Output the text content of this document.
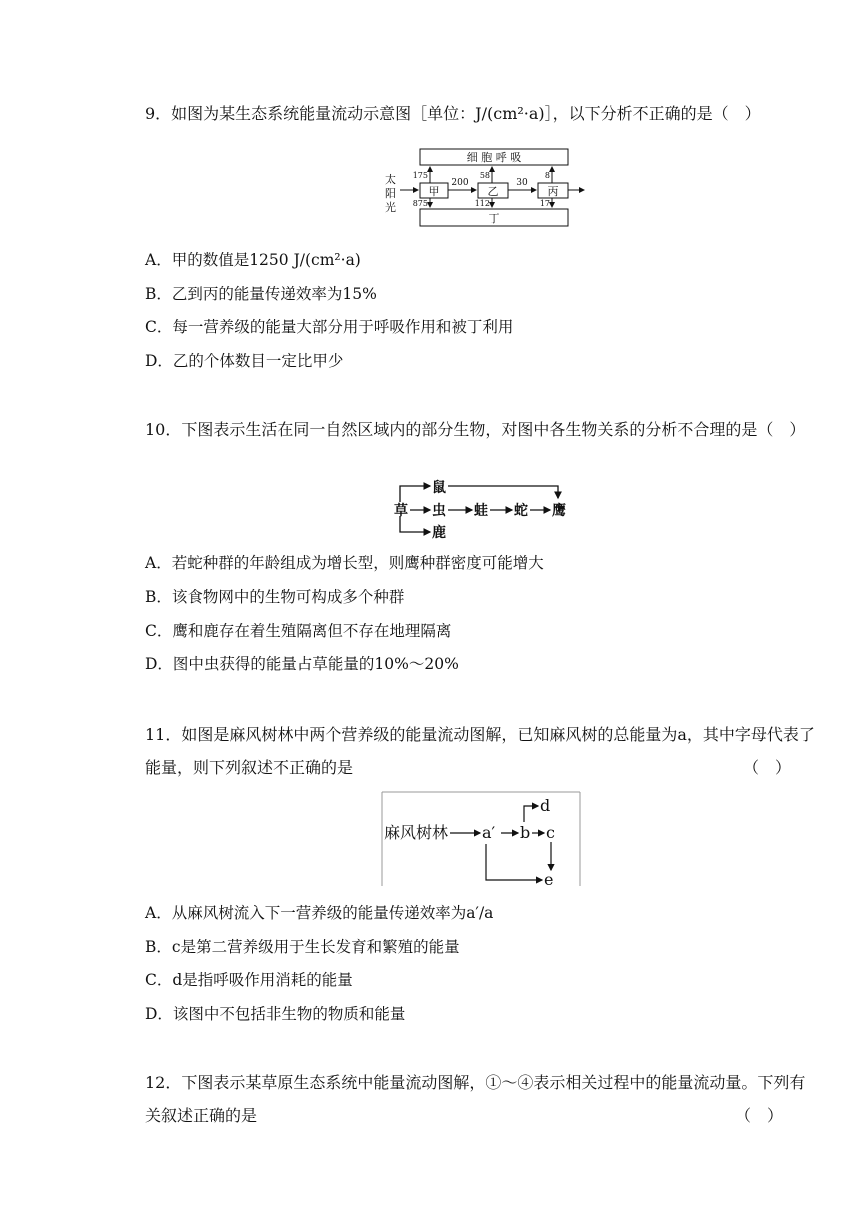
9．如图为某生态系统能量流动示意图［单位：J/(cm²·a)］，以下分析不正确的是（　）
细 胞 呼 吸
丁
太
阳
光
甲
200
乙
30
丙
175	58	8
875	112	17
A．甲的数值是1250 J/(cm²·a)
B．乙到丙的能量传递效率为15%
C．每一营养级的能量大部分用于呼吸作用和被丁利用
D．乙的个体数目一定比甲少
10．下图表示生活在同一自然区域内的部分生物，对图中各生物关系的分析不合理的是（　）
鼠
草 虫 蛙 蛇 鹰
鹿
A．若蛇种群的年龄组成为增长型，则鹰种群密度可能增大
B．该食物网中的生物可构成多个种群
C．鹰和鹿存在着生殖隔离但不存在地理隔离
D．图中虫获得的能量占草能量的10%～20%
11．如图是麻风树林中两个营养级的能量流动图解，已知麻风树的总能量为a，其中字母代表了能量，则下列叙述不正确的是	（　）
麻风树林 a′ b c
d
e
A．从麻风树流入下一营养级的能量传递效率为a′/a
B．c是第二营养级用于生长发育和繁殖的能量
C．d是指呼吸作用消耗的能量
D．该图中不包括非生物的物质和能量
12．下图表示某草原生态系统中能量流动图解，①～④表示相关过程中的能量流动量。下列有关叙述正确的是	（　）
